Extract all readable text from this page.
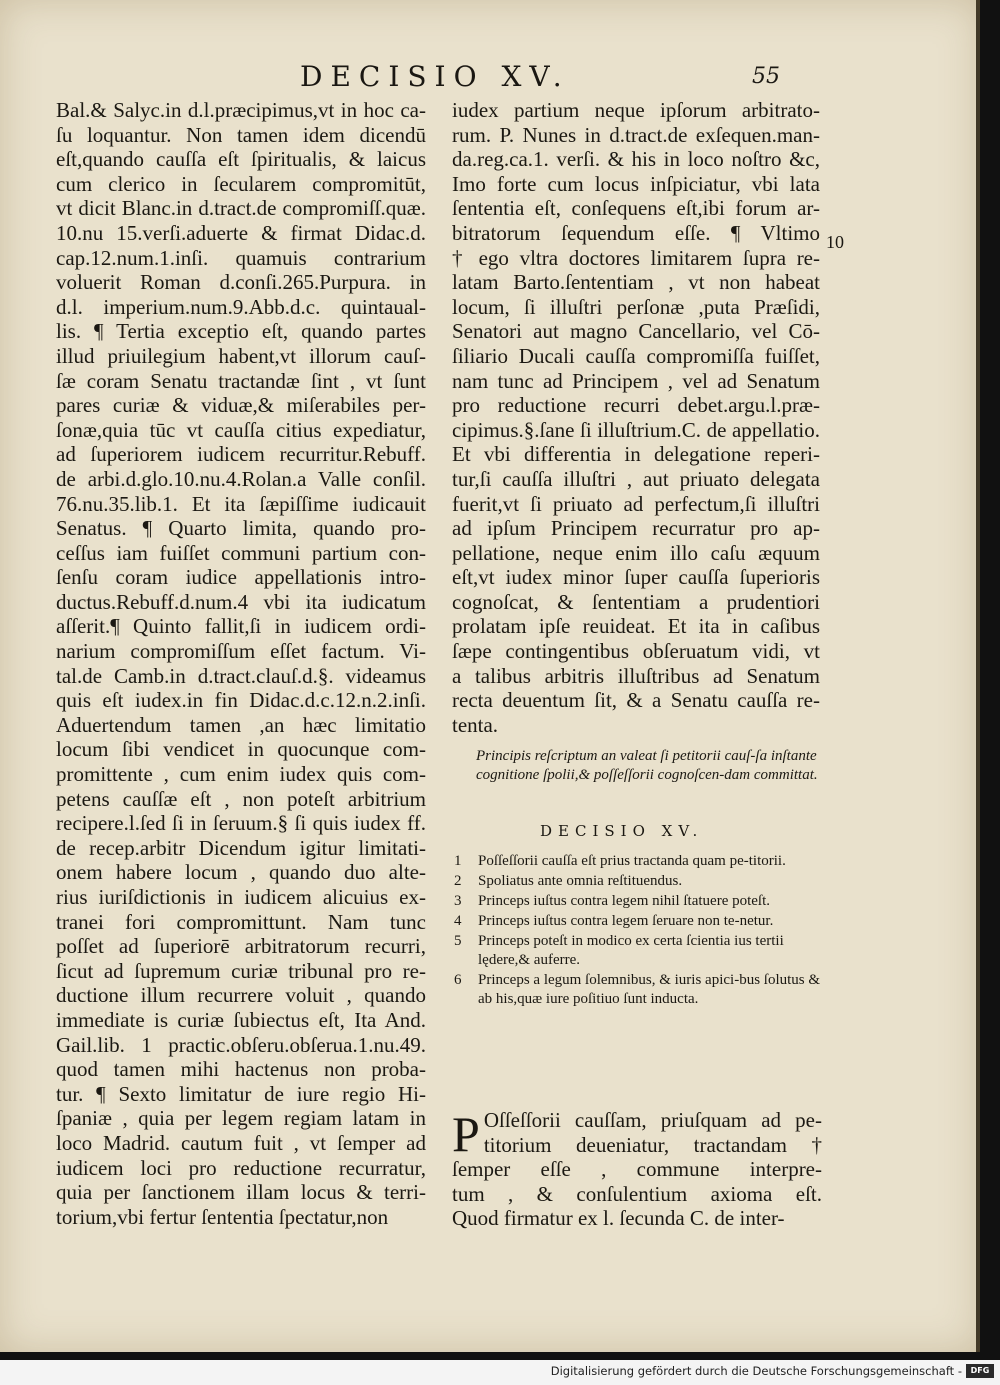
DECISIO XV.	55
Bal.& Salyc.in d.l.præcipimus,vt in hoc ca-
ſu loquantur. Non tamen idem dicendū
eſt,quando cauſſa eſt ſpiritualis, & laicus
cum clerico in ſecularem compromitūt,
vt dicit Blanc.in d.tract.de compromiſſ.quæ.
10.nu 15.verſi.aduerte & firmat Didac.d.
cap.12.num.1.inſi. quamuis contrarium
voluerit Roman d.conſi.265.Purpura. in
d.l. imperium.num.9.Abb.d.c. quintaual-
lis. ¶ Tertia exceptio eſt, quando partes
illud priuilegium habent,vt illorum cauſ-
ſæ coram Senatu tractandæ ſint , vt ſunt
pares curiæ & viduæ,& miſerabiles per-
ſonæ,quia tūc vt cauſſa citius expediatur,
ad ſuperiorem iudicem recurritur.Rebuff.
de arbi.d.glo.10.nu.4.Rolan.a Valle conſil.
76.nu.35.lib.1. Et ita ſæpiſſime iudicauit
Senatus. ¶ Quarto limita, quando pro-
ceſſus iam fuiſſet communi partium con-
ſenſu coram iudice appellationis intro-
ductus.Rebuff.d.num.4 vbi ita iudicatum
aſſerit.¶ Quinto fallit,ſi in iudicem ordi-
narium compromiſſum eſſet factum. Vi-
tal.de Camb.in d.tract.clauſ.d.§. videamus
quis eſt iudex.in fin Didac.d.c.12.n.2.inſi.
Aduertendum tamen ,an hæc limitatio
locum ſibi vendicet in quocunque com-
promittente , cum enim iudex quis com-
petens cauſſæ eſt , non poteſt arbitrium
recipere.l.ſed ſi in ſeruum.§ ſi quis iudex ff.
de recep.arbitr Dicendum igitur limitati-
onem habere locum , quando duo alte-
rius iuriſdictionis in iudicem alicuius ex-
tranei fori compromittunt. Nam tunc
poſſet ad ſuperiorē arbitratorum recurri,
ſicut ad ſupremum curiæ tribunal pro re-
ductione illum recurrere voluit , quando
immediate is curiæ ſubiectus eſt, Ita And.
Gail.lib. 1 practic.obſeru.obſerua.1.nu.49.
quod tamen mihi hactenus non proba-
tur. ¶ Sexto limitatur de iure regio Hi-
ſpaniæ , quia per legem regiam latam in
loco Madrid. cautum fuit , vt ſemper ad
iudicem loci pro reductione recurratur,
quia per ſanctionem illam locus & terri-
torium,vbi fertur ſententia ſpectatur,non
iudex partium neque ipſorum arbitrato-
rum. P. Nunes in d.tract.de exſequen.man-
da.reg.ca.1. verſi. & his in loco noſtro &c,
Imo forte cum locus inſpiciatur, vbi lata
ſententia eſt, conſequens eſt,ibi forum ar-
bitratorum ſequendum eſſe. ¶ Vltimo
† ego vltra doctores limitarem ſupra re-
latam Barto.ſententiam , vt non habeat
locum, ſi illuſtri perſonæ ,puta Præſidi,
Senatori aut magno Cancellario, vel Cō-
ſiliario Ducali cauſſa compromiſſa fuiſſet,
nam tunc ad Principem , vel ad Senatum
pro reductione recurri debet.argu.l.præ-
cipimus.§.ſane ſi illuſtrium.C. de appellatio.
Et vbi differentia in delegatione reperi-
tur,ſi cauſſa illuſtri , aut priuato delegata
fuerit,vt ſi priuato ad perfectum,ſi illuſtri
ad ipſum Principem recurratur pro ap-
pellatione, neque enim illo caſu æquum
eſt,vt iudex minor ſuper cauſſa ſuperioris
cognoſcat, & ſententiam a prudentiori
prolatam ipſe reuideat. Et ita in caſibus
ſæpe contingentibus obſeruatum vidi, vt
a talibus arbitris illuſtribus ad Senatum
recta deuentum ſit, & a Senatu cauſſa re-
tenta.
10
Principis reſcriptum an valeat ſi petitorii cauſ-ſa inſtante cognitione ſpolii,& poſſeſſorii cognoſcen-dam committat.
DECISIO XV.
1	Poſſeſſorii cauſſa eſt prius tractanda quam pe-titorii.
2	Spoliatus ante omnia reſtituendus.
3	Princeps iuſtus contra legem nihil ſtatuere poteſt.
4	Princeps iuſtus contra legem ſeruare non te-netur.
5	Princeps poteſt in modico ex certa ſcientia ius tertii lędere,& auferre.
6	Princeps a legum ſolemnibus, & iuris apici-bus ſolutus & ab his,quæ iure poſitiuo ſunt inducta.
P Oſſeſſorii cauſſam, priuſquam ad pe-
titorium deueniatur, tractandam †
ſemper eſſe , commune interpre-
tum , & conſulentium axioma eſt.
Quod firmatur ex l. ſecunda C. de inter-
Digitalisierung gefördert durch die Deutsche Forschungsgemeinschaft -	DFG
